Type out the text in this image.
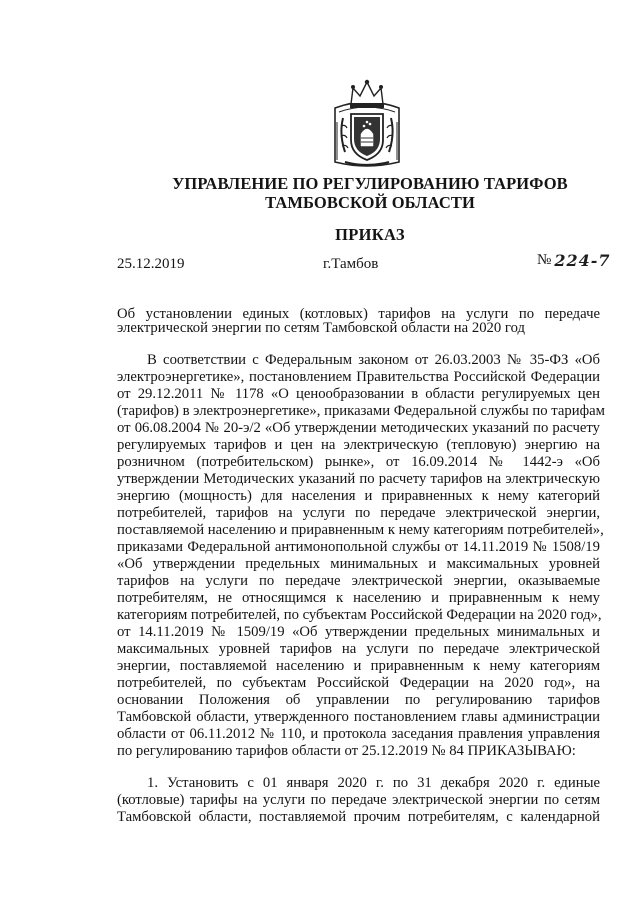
УПРАВЛЕНИЕ ПО РЕГУЛИРОВАНИЮ ТАРИФОВ
ТАМБОВСКОЙ ОБЛАСТИ
ПРИКАЗ
25.12.2019	г.Тамбов	№ 224-7
Об установлении единых (котловых) тарифов на услуги по передаче
электрической энергии по сетям Тамбовской области на 2020 год
В соответствии с Федеральным законом от 26.03.2003 № 35-ФЗ «Об
электроэнергетике», постановлением Правительства Российской Федерации
от 29.12.2011 № 1178 «О ценообразовании в области регулируемых цен
(тарифов) в электроэнергетике», приказами Федеральной службы по тарифам
от 06.08.2004 № 20-э/2 «Об утверждении методических указаний по расчету
регулируемых тарифов и цен на электрическую (тепловую) энергию на
розничном (потребительском) рынке», от 16.09.2014 № 1442-э «Об
утверждении Методических указаний по расчету тарифов на электрическую
энергию (мощность) для населения и приравненных к нему категорий
потребителей, тарифов на услуги по передаче электрической энергии,
поставляемой населению и приравненным к нему категориям потребителей»,
приказами Федеральной антимонопольной службы от 14.11.2019 № 1508/19
«Об утверждении предельных минимальных и максимальных уровней
тарифов на услуги по передаче электрической энергии, оказываемые
потребителям, не относящимся к населению и приравненным к нему
категориям потребителей, по субъектам Российской Федерации на 2020 год»,
от 14.11.2019 № 1509/19 «Об утверждении предельных минимальных и
максимальных уровней тарифов на услуги по передаче электрической
энергии, поставляемой населению и приравненным к нему категориям
потребителей, по субъектам Российской Федерации на 2020 год», на
основании Положения об управлении по регулированию тарифов
Тамбовской области, утвержденного постановлением главы администрации
области от 06.11.2012 № 110, и протокола заседания правления управления
по регулированию тарифов области от 25.12.2019 № 84 ПРИКАЗЫВАЮ:
1. Установить с 01 января 2020 г. по 31 декабря 2020 г. единые
(котловые) тарифы на услуги по передаче электрической энергии по сетям
Тамбовской области, поставляемой прочим потребителям, с календарной
